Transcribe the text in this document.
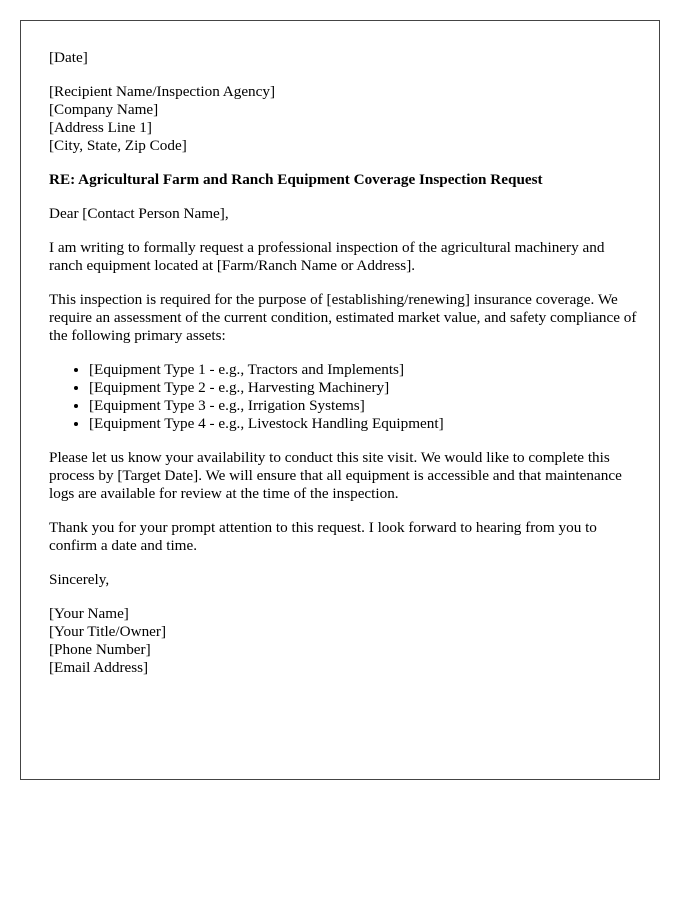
[Date]

[Recipient Name/Inspection Agency]
[Company Name]
[Address Line 1]
[City, State, Zip Code]

RE: Agricultural Farm and Ranch Equipment Coverage Inspection Request

Dear [Contact Person Name],

I am writing to formally request a professional inspection of the agricultural machinery and ranch equipment located at [Farm/Ranch Name or Address].

This inspection is required for the purpose of [establishing/renewing] insurance coverage. We require an assessment of the current condition, estimated market value, and safety compliance of the following primary assets:

• [Equipment Type 1 - e.g., Tractors and Implements]
• [Equipment Type 2 - e.g., Harvesting Machinery]
• [Equipment Type 3 - e.g., Irrigation Systems]
• [Equipment Type 4 - e.g., Livestock Handling Equipment]

Please let us know your availability to conduct this site visit. We would like to complete this process by [Target Date]. We will ensure that all equipment is accessible and that maintenance logs are available for review at the time of the inspection.

Thank you for your prompt attention to this request. I look forward to hearing from you to confirm a date and time.

Sincerely,

[Your Name]
[Your Title/Owner]
[Phone Number]
[Email Address]
